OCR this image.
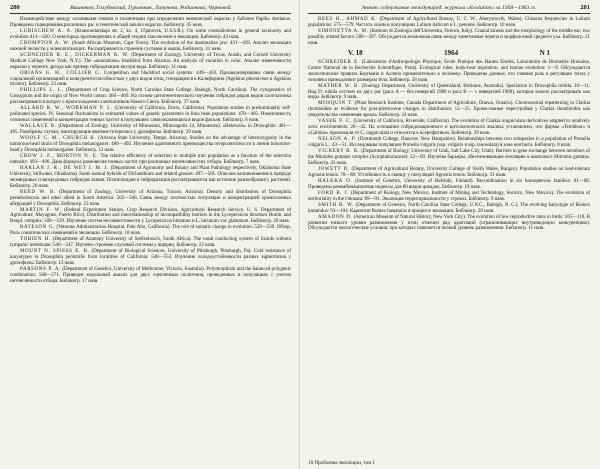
280	Вишняков, Голубовский, Гурьевник, Лапунова, Родионова, Черновой

Взаимодействие между основными генами и полигенами при определении мимической окраски у бабочек Papilio dardanus. Проведены скрещивания различных рас и генетический анализ окраски. Библиогр. 45 назв.

LUBISCHEW A. A. (Kransnodarskaja str. 2, kv. 4, Uljanovsk, U.S.S.R.). On some contradictions in general taxonomy and evolution 414—420. О некоторых противоречиях в общей теории таксономии и эволюции. Библиогр. 43 назв.

CROMPTON A. W. (South African Museum, Cape Town). The evolution of the mammalian jaw: 431—439. Анализ эволюции нижней челюсти у млекопитающих. Рассматривается строение суставов и мышц. Библиогр. 31 назв.

SCHNEIDER R. E., DICKERMAN R. W. (Department of Zoology, University of Texas, Austin, and Cornell University Medical College New York, N.Y.). The «anomalous» blackbird from Arizona: An analysis of variation in color. Анализ изменчивости окраски у черного дрозда как пример гибридизации внутри вида. Библиогр. 31 назв.

ORIANS G. H., COLLIER G. Competition and blackbird social systems: 449—459. Проанализированы связи между социальной организацией и конкурентоспособностью у двух видов птиц, гнездящихся в Калифорнии (Agelaius phoeniceus и Agelaius tricolor). Библиогр. 33 назв.

PHILLIPS L. L. (Department of Crop Science, North Carolina State College, Raleigh, North Carolina). The cytogenetics of Gossypium and the origin of New World cotton: 460—469. На основе цитогенетического изучения гибридов рядов видов хлопчатника рассматривается вопрос о происхождении хлопчатников Нового Света. Библиогр. 37 назв.

ALLARD R. W., WORKMAN P. L. (University of California, Davis, California). Population studies in predominantly self-pollinated species. IV. Seasonal fluctuations in estimated values of genetic parameters in lima bean populations: 470—485. Изменчивость сезонных изменений в концентрации генных частот в популяциях самоопыляющихся видов фасоли. Библиогр. 8 назв.

WALLACE B. (Department of Zoology, University of Minnesota, Minneapolis 14, Minnesota). «Heterosis» in Drosophila: 481—485. Разобраны случаи, имитирующие явление гетерозиса у дрозофилы. Библиогр. 29 назв.

WOOLF C. M., CHURCH K. (Arizona State University, Tempe, Arizona). Studies on the advantage of heterozygosity in the tumorous-head strain of Drosophila melanogaster: 486—492. Изучение адаптивного преимущества гетерозиготности в линии tumorous-head у Drosophila melanogaster. Библиогр. 13 назв.

CROW J. F., MORTON N. E. The relative efficiency of selection in multiple trait population as a function of the selection intensity: 493—496. Дана формула равновесия генных частот при различных интенсивностях отбора. Библиогр. 7 назв.

HARLAN J. R., DE WET J. M. J. (Department of Agronomy and Botany and Plant Pathology respectively, Oklahoma State University, Stillwater, Oklahoma). Some natural hybrids of Dichanthium and related grasses: 497—501. Описано возникновение в природе межвидовых и межродовых гибридов злаков. Полиплоидия и гибридизация рассматриваются как источник разнообразия у растений. Библиогр. 20 назв.

REED W. B. (Department of Zoology, University of Arizona, Tucson, Arizona). Density and distribution of Drosophila pseudoobscura and other allied in South America: 502—508. Связь между плотностью популяции и концентрацией хромосомных аберраций у Drosophila. Библиогр. 23 назв.

MARTIN F. W. (Federal Experiment Station, Crop Research Division, Agricultural Research Service, U. S. Department of Agriculture, Mayaguez, Puerto Rico). Distribution and interrelationship of incompatibility barriers in the Lycopersicon hirsutum Humb. and Bonpl. complex: 509—529. Изучение систем несовместимости у Lycopersicon hirsutum и L. hirsutum var. glabratum. Библиогр. 29 назв.

BATESON G. (Veterans Administration Hospital, Palo Alto, California). The role of somatic change in evolution: 529—539. Обзор. Роль соматических изменений в эволюции. Библиогр. 10 назв.

TOBIEN H. (Department of Anatomy University of Stellenbosch, South Africa). The nasal conducting system of lizards without tympanic membrane: 540—547. Изучено строение слуховой системы у ящериц. Библиогр. 22 назв.

MOUNT N. SPIESS E. B. (Department of Biological Sciences, University of Pittsburgh, Pittsburgh, Pa). Cold resistance of karyotypes in Drosophila persimilis from localities of California: 548—553. Изучение холодоустойчивости разных кариотипов у дрозофилы. Библиогр. 13 назв.

PARSONS P. A. (Department of Genetics, University of Melbourne, Victoria, Australia). Polymorphism and the balanced polygenic combination: 560—571. Приведен модельный анализ для двух сцепленных полигенов, проведенных в популяциях с учетом интенсивности отбора. Библиогр. 17 назв.

Аннот. содержание международ. журнала «Evolution» за 1958—1963 гг.	281

REES H., AHMAD K. (Department of Agricultural Botany, U. C. W., Aberystwyth, Wales). Chiasma frequencies in Lolium populations: 575—579. Частота хиазм в популяциях Lolium italicum и L. perenne. Библиогр. 10 назв.

SIMONETTA A. M. (Instituto di Zoologia dell'Universita, Firence, Italy). Cranial kinesis and the morphology of the middle ear: two possibly related factors: 580—587. Обсуждается возможная связь между кинетизмом черепа и морфологией среднего уха. Библиогр. 21 назв.

V. 18	1964	N 1

SCHREIDER E. (Laboratoire d'Anthropologie Physique, Ecole Pratique des Hautes Etudes, Laboratoire de Biometrie Humaine, Centre National de la Recherche Scientifique, Paris). Ecological rules, body-heat regulation, and human evolution: 1—9. Обсуждаются экологические правила Бергмана и Аллена применительно к человеку. Приведены данные, что главная роль в регуляции тепла у человека принадлежит размерам тела. Библиогр. 58 назв.

MATHER W. B. (Zoology Department, University of Queensland, Brisbane, Australia). Speciation in Drosophila rubida: 10—11. Вид D. rubida состоит из двух рас (раса A — без инверсий 1988 и раса B — с инверсией 1988), которые можно рассматривать как виды. Библиогр. 9 назв.

MOSQUIN T. (Plant Research Institute, Canada Department of Agriculture, Ottawa, Ontario). Chromosomal repatterning in Clarkia rhomboidea as evidence for post-pleistocene changes in distribution: 12—25. Хромосомные перестройки у Clarkia rhomboidea как свидетельство изменения ареала. Библиогр. 24 назв.

VASEK F. C. (University of California, Riverside, California). The evolution of Clarkia unguiculata derivatives adapted to relatively xeric environments: 26—42. На основании гибридизационного и цитологического анализа установлено, что формы «Tembleor» и «Gabilan» произошли от C. unguiculata и относятся к ксерофитным. Библиогр. 29 назв.

NELSON A. P. (Dartmouth College, Hanover, New Hampshire). Relationships between two subspecies in a population of Prunella vulgaris L.: 43—51. Исследованы популяции Prunella vulgaris (ssp. vulgaris и ssp. lanceolata) в зоне контакта. Библиогр. 8 назв.

VICKERY R. K. (Department of Biology, University of Utah, Salt Lake City, Utah). Barriers to gene exchange between members of the Mimulus guttatus complex (Scrophulariaceae): 52—69. Изучены барьеры, обеспечивающие изоляцию в комплексе Mimulus guttatus. Библиогр. 43 назв.

JOWETT D. (Department of Agricultural Botany, University College of North Wales, Bangor). Population studies on lead-tolerant Agrostis tenuis: 70—80. Устойчивость к свинцу у популяций Agrostis tenuis. Библиогр. 31 назв.

HALKKA O. (Institute of Genetics, University of Helsinki, Finland). Recombination in six homopterous families: 81—88. Приведены рекомбинационные индексы для 80 видов цикадок. Библиогр. 19 назв.

FORD R. J. (Department of Biology, New Mexico, Institute of Mining and Technology, Socorro, New Mexico). The evolution of territoriality in the Odonata: 89—91. Эволюция территориальности у стрекоз. Библиогр. 9 назв.

SMITH B. W. (Department of Genetics, North Carolina State College, U.N.C., Raleigh, N. C.). The evolving karyotype of Rumex hastatulus: 93—104. Кариотип Rumex hastatulus в процессе эволюции. Библиогр. 28 назв.

AMADON D. (American Museum of Natural History, New York City). The evolution of low reproductive rates in birds: 105—110. В развитии низкого уровня размножения у птиц отмечен ряд адаптаций (ограничивающих внутривидовую конкуренцию). Обсуждаются экологические условия, при которых появляется низкий уровень размножения. Библиогр. 11 назв.

18 Проблемы эволюции, том I
